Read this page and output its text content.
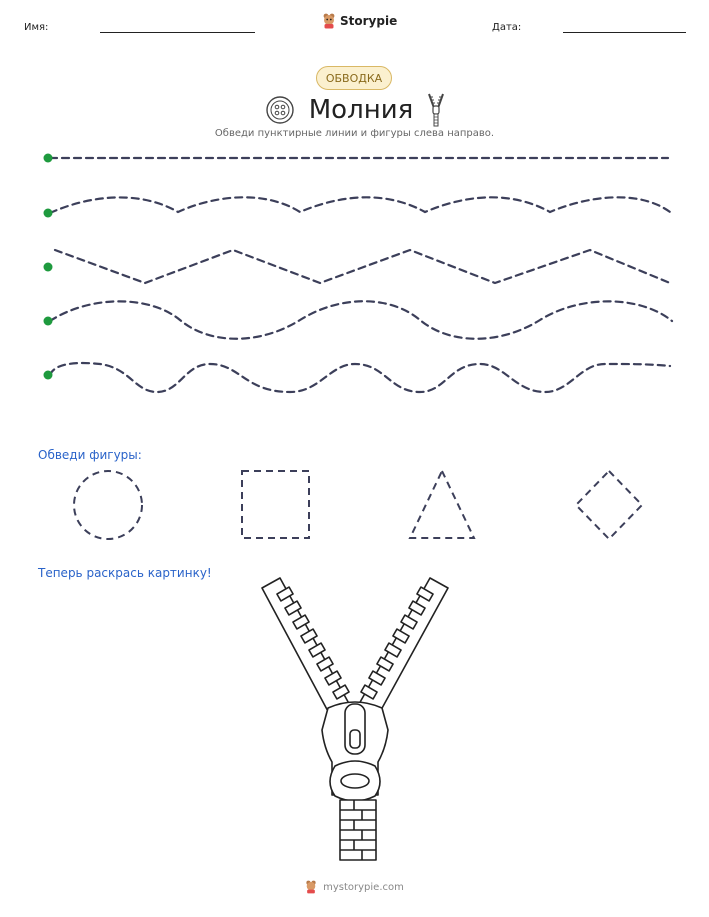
Имя:	Storypie	Дата:
ОБВОДКА
Молния
Обведи пунктирные линии и фигуры слева направо.
Обведи фигуры:
Теперь раскрась картинку!
mystorypie.com
